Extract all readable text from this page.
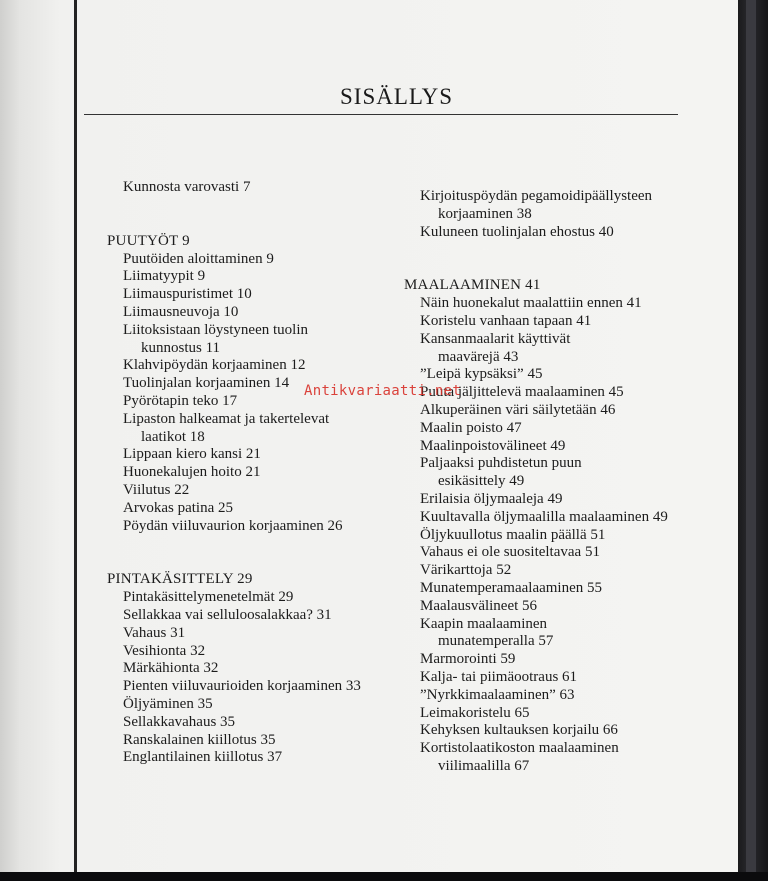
SISÄLLYS
Kunnosta varovasti 7
PUUTYÖT 9
Puutöiden aloittaminen 9
Liimatyypit 9
Liimauspuristimet 10
Liimausneuvoja 10
Liitoksistaan löystyneen tuolin
kunnostus 11
Klahvipöydän korjaaminen 12
Tuolinjalan korjaaminen 14
Pyörötapin teko 17
Lipaston halkeamat ja takertelevat
laatikot 18
Lippaan kiero kansi 21
Huonekalujen hoito 21
Viilutus 22
Arvokas patina 25
Pöydän viiluvaurion korjaaminen 26
PINTAKÄSITTELY 29
Pintakäsittelymenetelmät 29
Sellakkaa vai selluloosalakkaa? 31
Vahaus 31
Vesihionta 32
Märkähionta 32
Pienten viiluvaurioiden korjaaminen 33
Öljyäminen 35
Sellakkavahaus 35
Ranskalainen kiillotus 35
Englantilainen kiillotus 37
Kirjoituspöydän pegamoidipäällysteen
korjaaminen 38
Kuluneen tuolinjalan ehostus 40
MAALAAMINEN 41
Näin huonekalut maalattiin ennen 41
Koristelu vanhaan tapaan 41
Kansanmaalarit käyttivät
maavärejä 43
”Leipä kypsäksi” 45
Puuta jäljittelevä maalaaminen 45
Alkuperäinen väri säilytetään 46
Maalin poisto 47
Maalinpoistovälineet 49
Paljaaksi puhdistetun puun
esikäsittely 49
Erilaisia öljymaaleja 49
Kuultavalla öljymaalilla maalaaminen 49
Öljykuullotus maalin päällä 51
Vahaus ei ole suositeltavaa 51
Värikarttoja 52
Munatemperamaalaaminen 55
Maalausvälineet 56
Kaapin maalaaminen
munatemperalla 57
Marmorointi 59
Kalja- tai piimäootraus 61
”Nyrkkimaalaaminen” 63
Leimakoristelu 65
Kehyksen kultauksen korjailu 66
Kortistolaatikoston maalaaminen
viilimaalilla 67
Antikvariaatti.net
